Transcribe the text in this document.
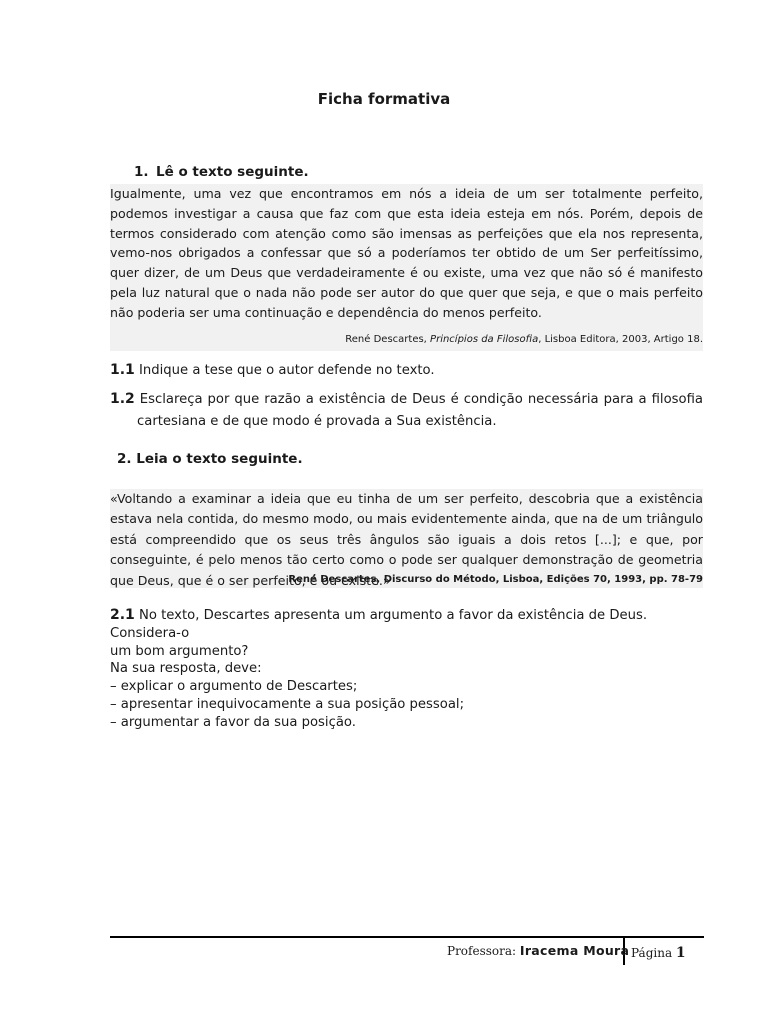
Ficha formativa
1. Lê o texto seguinte.

Igualmente, uma vez que encontramos em nós a ideia de um ser totalmente perfeito, podemos investigar a causa que faz com que esta ideia esteja em nós. Porém, depois de termos considerado com atenção como são imensas as perfeições que ela nos representa, vemo-nos obrigados a confessar que só a poderíamos ter obtido de um Ser perfeitíssimo, quer dizer, de um Deus que verdadeiramente é ou existe, uma vez que não só é manifesto pela luz natural que o nada não pode ser autor do que quer que seja, e que o mais perfeito não poderia ser uma continuação e dependência do menos perfeito.

René Descartes, Princípios da Filosofia, Lisboa Editora, 2003, Artigo 18.

1.1 Indique a tese que o autor defende no texto.

1.2 Esclareça por que razão a existência de Deus é condição necessária para a filosofia
cartesiana e de que modo é provada a Sua existência.

2. Leia o texto seguinte.

«Voltando a examinar a ideia que eu tinha de um ser perfeito, descobria que a existência estava nela contida, do mesmo modo, ou mais evidentemente ainda, que na de um triângulo está compreendido que os seus três ângulos são iguais a dois retos [...]; e que, por conseguinte, é pelo menos tão certo como o pode ser qualquer demonstração de geometria que Deus, que é o ser perfeito, é ou existe.»

René Descartes, Discurso do Método, Lisboa, Edições 70, 1993, pp. 78-79

2.1 No texto, Descartes apresenta um argumento a favor da existência de Deus. Considera-o
um bom argumento?
Na sua resposta, deve:
– explicar o argumento de Descartes;
– apresentar inequivocamente a sua posição pessoal;
– argumentar a favor da sua posição.

Professora: Iracema Moura Página 1
